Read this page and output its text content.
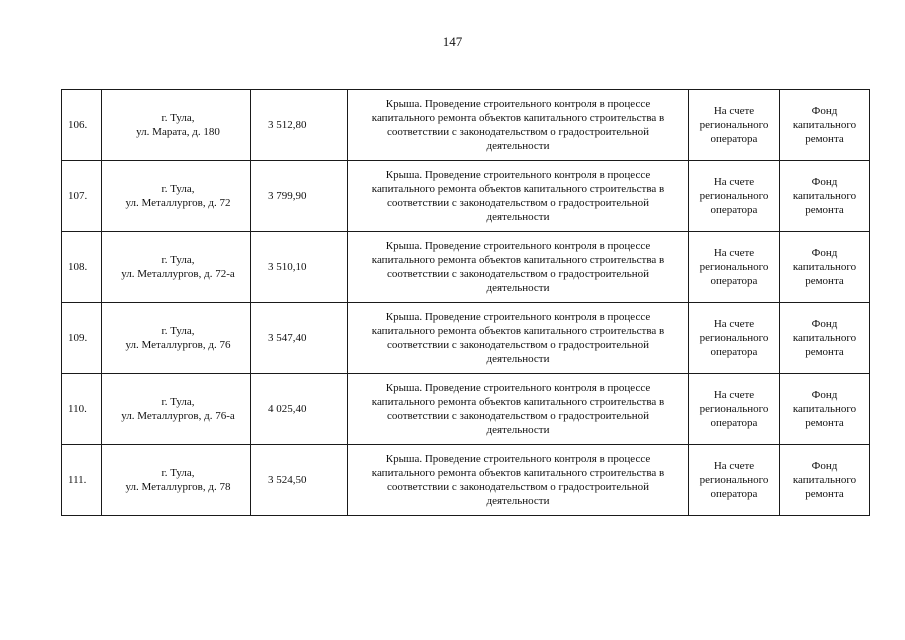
147
106.	г. Тула,
ул. Марата, д. 180	3 512,80	Крыша. Проведение строительного контроля в процессе
капитального ремонта объектов капитального строительства в
соответствии с законодательством о градостроительной
деятельности	На счете
регионального
оператора	Фонд
капитального
ремонта

107.	г. Тула,
ул. Металлургов, д. 72	3 799,90	Крыша. Проведение строительного контроля в процессе
капитального ремонта объектов капитального строительства в
соответствии с законодательством о градостроительной
деятельности	На счете
регионального
оператора	Фонд
капитального
ремонта

108.	г. Тула,
ул. Металлургов, д. 72-а	3 510,10	Крыша. Проведение строительного контроля в процессе
капитального ремонта объектов капитального строительства в
соответствии с законодательством о градостроительной
деятельности	На счете
регионального
оператора	Фонд
капитального
ремонта

109.	г. Тула,
ул. Металлургов, д. 76	3 547,40	Крыша. Проведение строительного контроля в процессе
капитального ремонта объектов капитального строительства в
соответствии с законодательством о градостроительной
деятельности	На счете
регионального
оператора	Фонд
капитального
ремонта

110.	г. Тула,
ул. Металлургов, д. 76-а	4 025,40	Крыша. Проведение строительного контроля в процессе
капитального ремонта объектов капитального строительства в
соответствии с законодательством о градостроительной
деятельности	На счете
регионального
оператора	Фонд
капитального
ремонта

111.	г. Тула,
ул. Металлургов, д. 78	3 524,50	Крыша. Проведение строительного контроля в процессе
капитального ремонта объектов капитального строительства в
соответствии с законодательством о градостроительной
деятельности	На счете
регионального
оператора	Фонд
капитального
ремонта
